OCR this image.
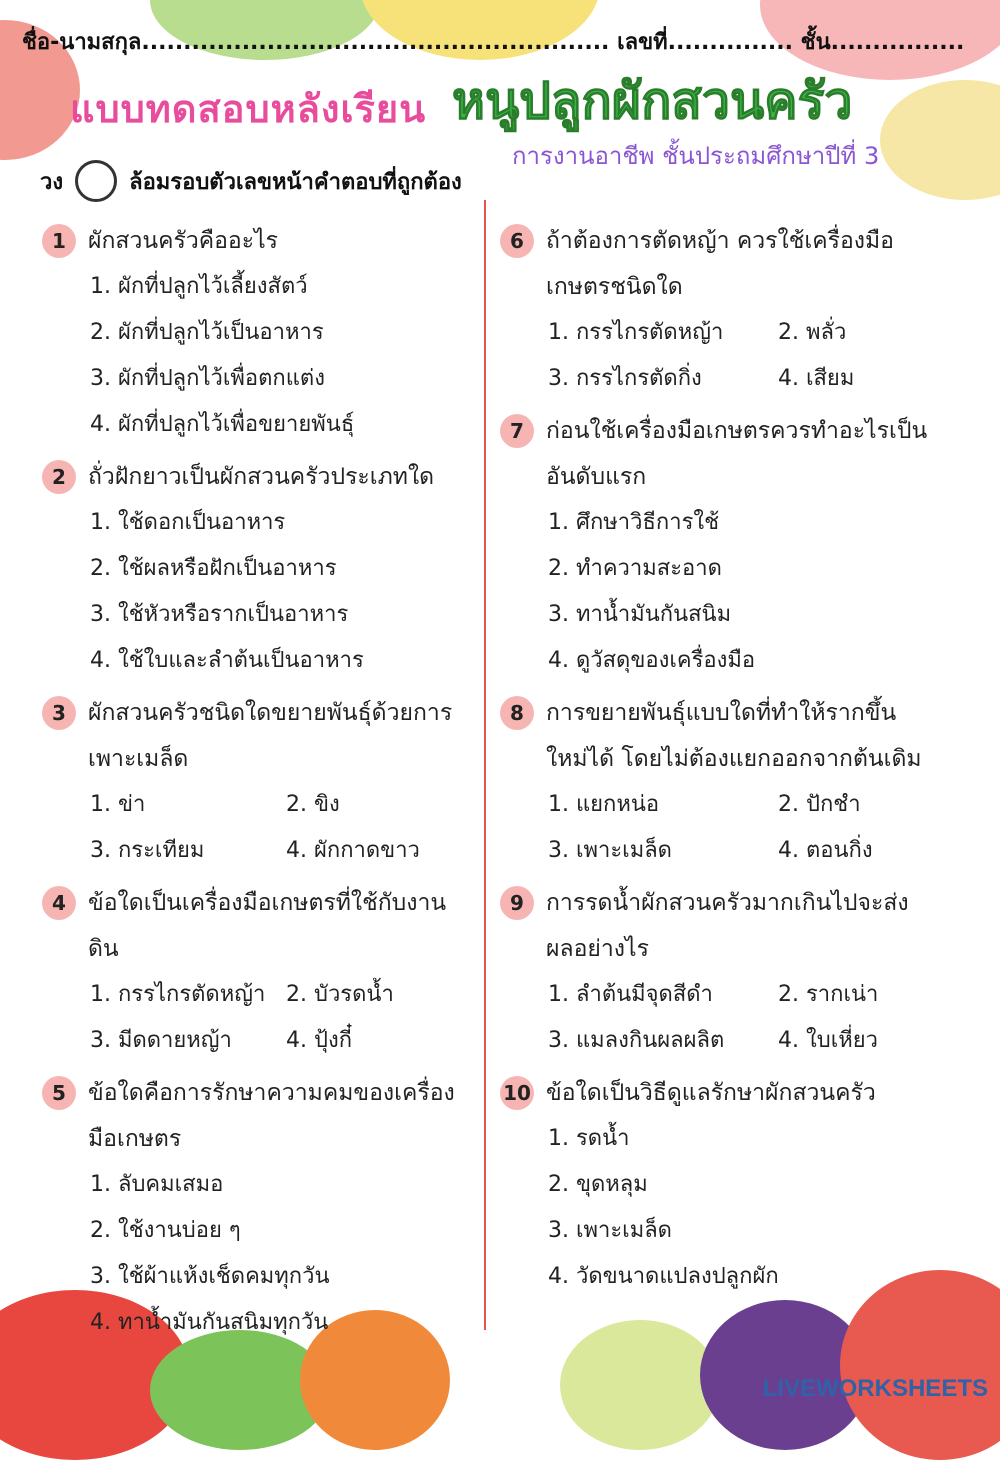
ชื่อ-นามสกุล........................................................ เลขที่............... ชั้น................
แบบทดสอบหลังเรียน หนูปลูกผักสวนครัว
การงานอาชีพ ชั้นประถมศึกษาปีที่ 3
วง	ล้อมรอบตัวเลขหน้าคำตอบที่ถูกต้อง
1 ผักสวนครัวคืออะไร
1. ผักที่ปลูกไว้เลี้ยงสัตว์
2. ผักที่ปลูกไว้เป็นอาหาร
3. ผักที่ปลูกไว้เพื่อตกแต่ง
4. ผักที่ปลูกไว้เพื่อขยายพันธุ์
2 ถั่วฝักยาวเป็นผักสวนครัวประเภทใด
1. ใช้ดอกเป็นอาหาร
2. ใช้ผลหรือฝักเป็นอาหาร
3. ใช้หัวหรือรากเป็นอาหาร
4. ใช้ใบและลำต้นเป็นอาหาร
3 ผักสวนครัวชนิดใดขยายพันธุ์ด้วยการเพาะเมล็ด
1. ข่า	2. ขิง
3. กระเทียม	4. ผักกาดขาว
4 ข้อใดเป็นเครื่องมือเกษตรที่ใช้กับงานดิน
1. กรรไกรตัดหญ้า 2. บัวรดน้ำ
3. มีดดายหญ้า	4. ปุ้งกี๋
5 ข้อใดคือการรักษาความคมของเครื่องมือเกษตร
1. ลับคมเสมอ
2. ใช้งานบ่อย ๆ
3. ใช้ผ้าแห้งเช็ดคมทุกวัน
4. ทาน้ำมันกันสนิมทุกวัน
6 ถ้าต้องการตัดหญ้า ควรใช้เครื่องมือเกษตรชนิดใด
1. กรรไกรตัดหญ้า	2. พลั่ว
3. กรรไกรตัดกิ่ง	4. เสียม
7 ก่อนใช้เครื่องมือเกษตรควรทำอะไรเป็นอันดับแรก
1. ศึกษาวิธีการใช้
2. ทำความสะอาด
3. ทาน้ำมันกันสนิม
4. ดูวัสดุของเครื่องมือ
8 การขยายพันธุ์แบบใดที่ทำให้รากขึ้นใหม่ได้ โดยไม่ต้องแยกออกจากต้นเดิม
1. แยกหน่อ	2. ปักชำ
3. เพาะเมล็ด	4. ตอนกิ่ง
9 การรดน้ำผักสวนครัวมากเกินไปจะส่งผลอย่างไร
1. ลำต้นมีจุดสีดำ	2. รากเน่า
3. แมลงกินผลผลิต	4. ใบเหี่ยว
10 ข้อใดเป็นวิธีดูแลรักษาผักสวนครัว
1. รดน้ำ
2. ขุดหลุม
3. เพาะเมล็ด
4. วัดขนาดแปลงปลูกผัก
LIVEWORKSHEETS
